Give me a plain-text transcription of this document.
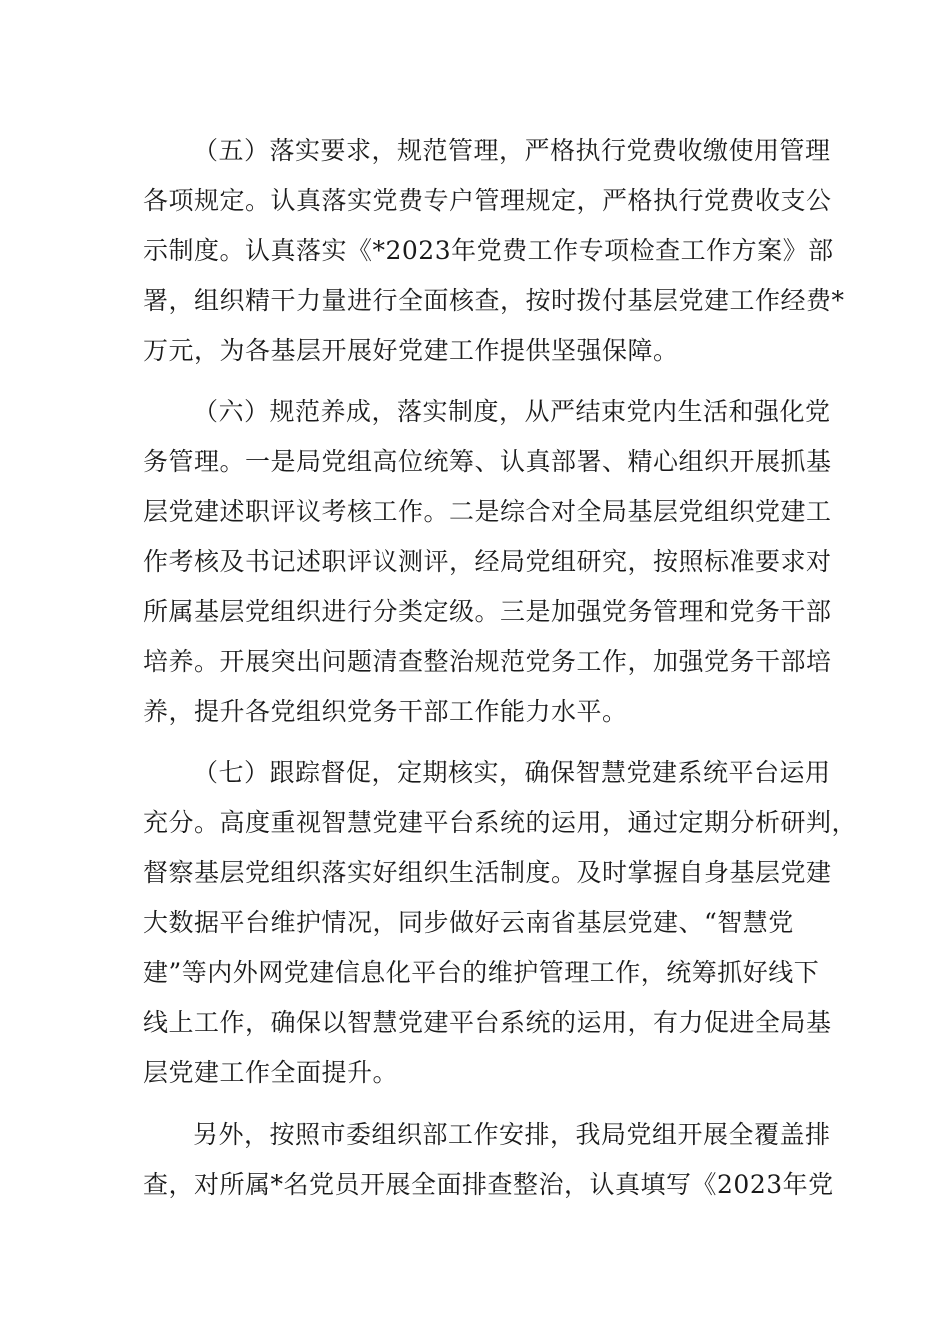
（五）落实要求，规范管理，严格执行党费收缴使用管理
各项规定。认真落实党费专户管理规定，严格执行党费收支公
示制度。认真落实《*2023年党费工作专项检查工作方案》部
署，组织精干力量进行全面核查，按时拨付基层党建工作经费*
万元，为各基层开展好党建工作提供坚强保障。
（六）规范养成，落实制度，从严结束党内生活和强化党
务管理。一是局党组高位统筹、认真部署、精心组织开展抓基
层党建述职评议考核工作。二是综合对全局基层党组织党建工
作考核及书记述职评议测评，经局党组研究，按照标准要求对
所属基层党组织进行分类定级。三是加强党务管理和党务干部
培养。开展突出问题清查整治规范党务工作，加强党务干部培
养，提升各党组织党务干部工作能力水平。
（七）跟踪督促，定期核实，确保智慧党建系统平台运用
充分。高度重视智慧党建平台系统的运用，通过定期分析研判，
督察基层党组织落实好组织生活制度。及时掌握自身基层党建
大数据平台维护情况，同步做好云南省基层党建、“智慧党
建”等内外网党建信息化平台的维护管理工作，统筹抓好线下
线上工作，确保以智慧党建平台系统的运用，有力促进全局基
层党建工作全面提升。
另外，按照市委组织部工作安排，我局党组开展全覆盖排
查，对所属*名党员开展全面排查整治，认真填写《2023年党
